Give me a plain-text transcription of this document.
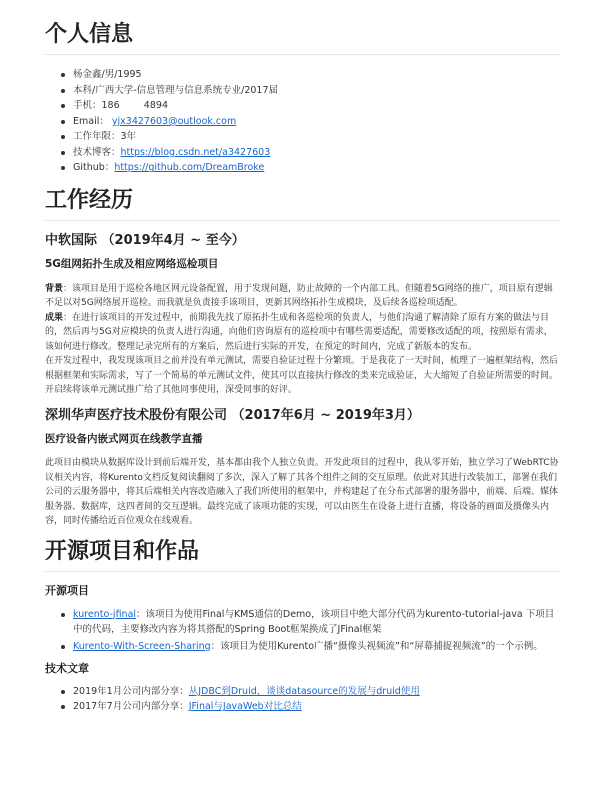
个人信息
杨金鑫/男/1995
本科/广西大学-信息管理与信息系统专业/2017届
手机：186        4894
Email： yjx3427603@outlook.com
工作年限：3年
技术博客：https://blog.csdn.net/a3427603
Github：https://github.com/DreamBroke
工作经历
中软国际 （2019年4月 ~ 至今）
5G组网拓扑生成及相应网络巡检项目

背景：该项目是用于巡检各地区网元设备配置，用于发现问题，防止故障的一个内部工具。但随着5G网络的推广，项目原有逻辑不足以对5G网络展开巡检。而我就是负责接手该项目，更新其网络拓扑生成模块，及后续各巡检项适配。

成果：在进行该项目的开发过程中，前期我先找了原拓扑生成和各巡检项的负责人，与他们沟通了解清除了原有方案的做法与目的，然后再与5G对应模块的负责人进行沟通，向他们咨询原有的巡检项中有哪些需要适配，需要修改适配的项，按照原有需求，该如何进行修改。整理记录完所有的方案后，然后进行实际的开发，在预定的时间内，完成了新版本的发布。

在开发过程中，我发现该项目之前并没有单元测试，需要自验证过程十分繁琐。于是我花了一天时间，梳理了一遍框架结构，然后根据框架和实际需求，写了一个简易的单元测试文件，使其可以直接执行修改的类来完成验证，大大缩短了自验证所需要的时间。开启续将该单元测试推广给了其他同事使用，深受同事的好评。

深圳华声医疗技术股份有限公司 （2017年6月 ~ 2019年3月）
医疗设备内嵌式网页在线教学直播

此项目由模块从数据库设计到前后端开发，基本都由我个人独立负责。开发此项目的过程中，我从零开始，独立学习了WebRTC协议相关内容，将Kurento文档反复阅读翻阅了多次，深入了解了其各个组件之间的交互原理。依此对其进行改装加工，部署在我们公司的云服务器中，将其后端相关内容改造融入了我们所使用的框架中，并构建起了在分布式部署的服务器中，前端、后端、媒体服务器、数据库，这四者间的交互逻辑。最终完成了该项功能的实现，可以由医生在设备上进行直播，将设备的画面及摄像头内容，同时传播给近百位观众在线观看。

开源项目和作品
开源项目
kurento-jfinal：该项目为使用Final与KMS通信的Demo，该项目中绝大部分代码为kurento-tutorial-java 下项目中的代码，主要修改内容为将其搭配的Spring Boot框架换成了JFinal框架
Kurento-With-Screen-Sharing：该项目为使用Kurento广播“摄像头视频流”和“屏幕捕捉视频流”的一个示例。
技术文章
2019年1月公司内部分享：从JDBC到Druid，谈谈datasource的发展与druid使用
2017年7月公司内部分享：JFinal与JavaWeb对比总结
